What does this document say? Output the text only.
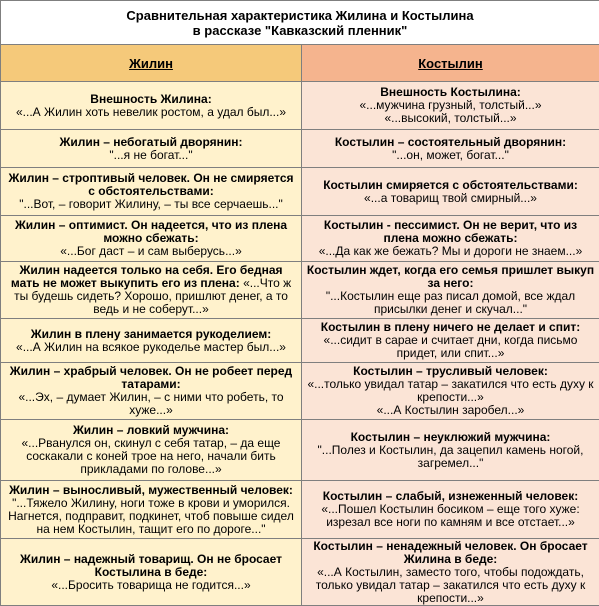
Сравнительная характеристика Жилина и Костылина
в рассказе "Кавказский пленник"	

Жилин	Костылин

Внешность Жилина:
«...А Жилин хоть невелик ростом, а удал был...»	Внешность Костылина:
«...мужчина грузный, толстый...»
«...высокий, толстый...»

Жилин – небогатый дворянин:
"...я не богат..."	Костылин – состоятельный дворянин:
"...он, может, богат..."

Жилин – строптивый человек. Он не смиряется с обстоятельствами:
"...Вот, – говорит Жилину, – ты все серчаешь..."	Костылин смиряется с обстоятельствами:
«...а товарищ твой смирный...»

Жилин – оптимист. Он надеется, что из плена можно сбежать:
«...Бог даст – и сам выберусь...»	Костылин - пессимист. Он не верит, что из плена можно сбежать:
«...Да как же бежать? Мы и дороги не знаем...»

Жилин надеется только на себя. Его бедная мать не может выкупить его из плена: «...Что ж ты будешь сидеть? Хорошо, пришлют денег, а то ведь и не соберут...»	Костылин ждет, когда его семья пришлет выкуп за него:
"...Костылин еще раз писал домой, все ждал присылки денег и скучал..."

Жилин в плену занимается рукоделием:
«...А Жилин на всякое рукоделье мастер был...»	Костылин в плену ничего не делает и спит:
«...сидит в сарае и считает дни, когда письмо придет, или спит...»

Жилин – храбрый человек. Он не робеет перед татарами:
«...Эх, – думает Жилин, – с ними что робеть, то хуже...»	Костылин – трусливый человек:
«...только увидал татар – закатился что есть духу к крепости...»
«...А Костылин заробел...»

Жилин – ловкий мужчина:
«...Рванулся он, скинул с себя татар, – да еще соскакали с коней трое на него, начали бить прикладами по голове...»	Костылин – неуклюжий мужчина:
"...Полез и Костылин, да зацепил камень ногой, загремел..."

Жилин – выносливый, мужественный человек:
"...Тяжело Жилину, ноги тоже в крови и уморился. Нагнется, подправит, подкинет, чтоб повыше сидел на нем Костылин, тащит его по дороге..."	Костылин – слабый, изнеженный человек:
«...Пошел Костылин босиком – еще того хуже: изрезал все ноги по камням и все отстает...»

Жилин – надежный товарищ. Он не бросает Костылина в беде:
«...Бросить товарища не годится...»	Костылин – ненадежный человек. Он бросает Жилина в беде:
«...А Костылин, заместо того, чтобы подождать, только увидал татар – закатился что есть духу к крепости...»
